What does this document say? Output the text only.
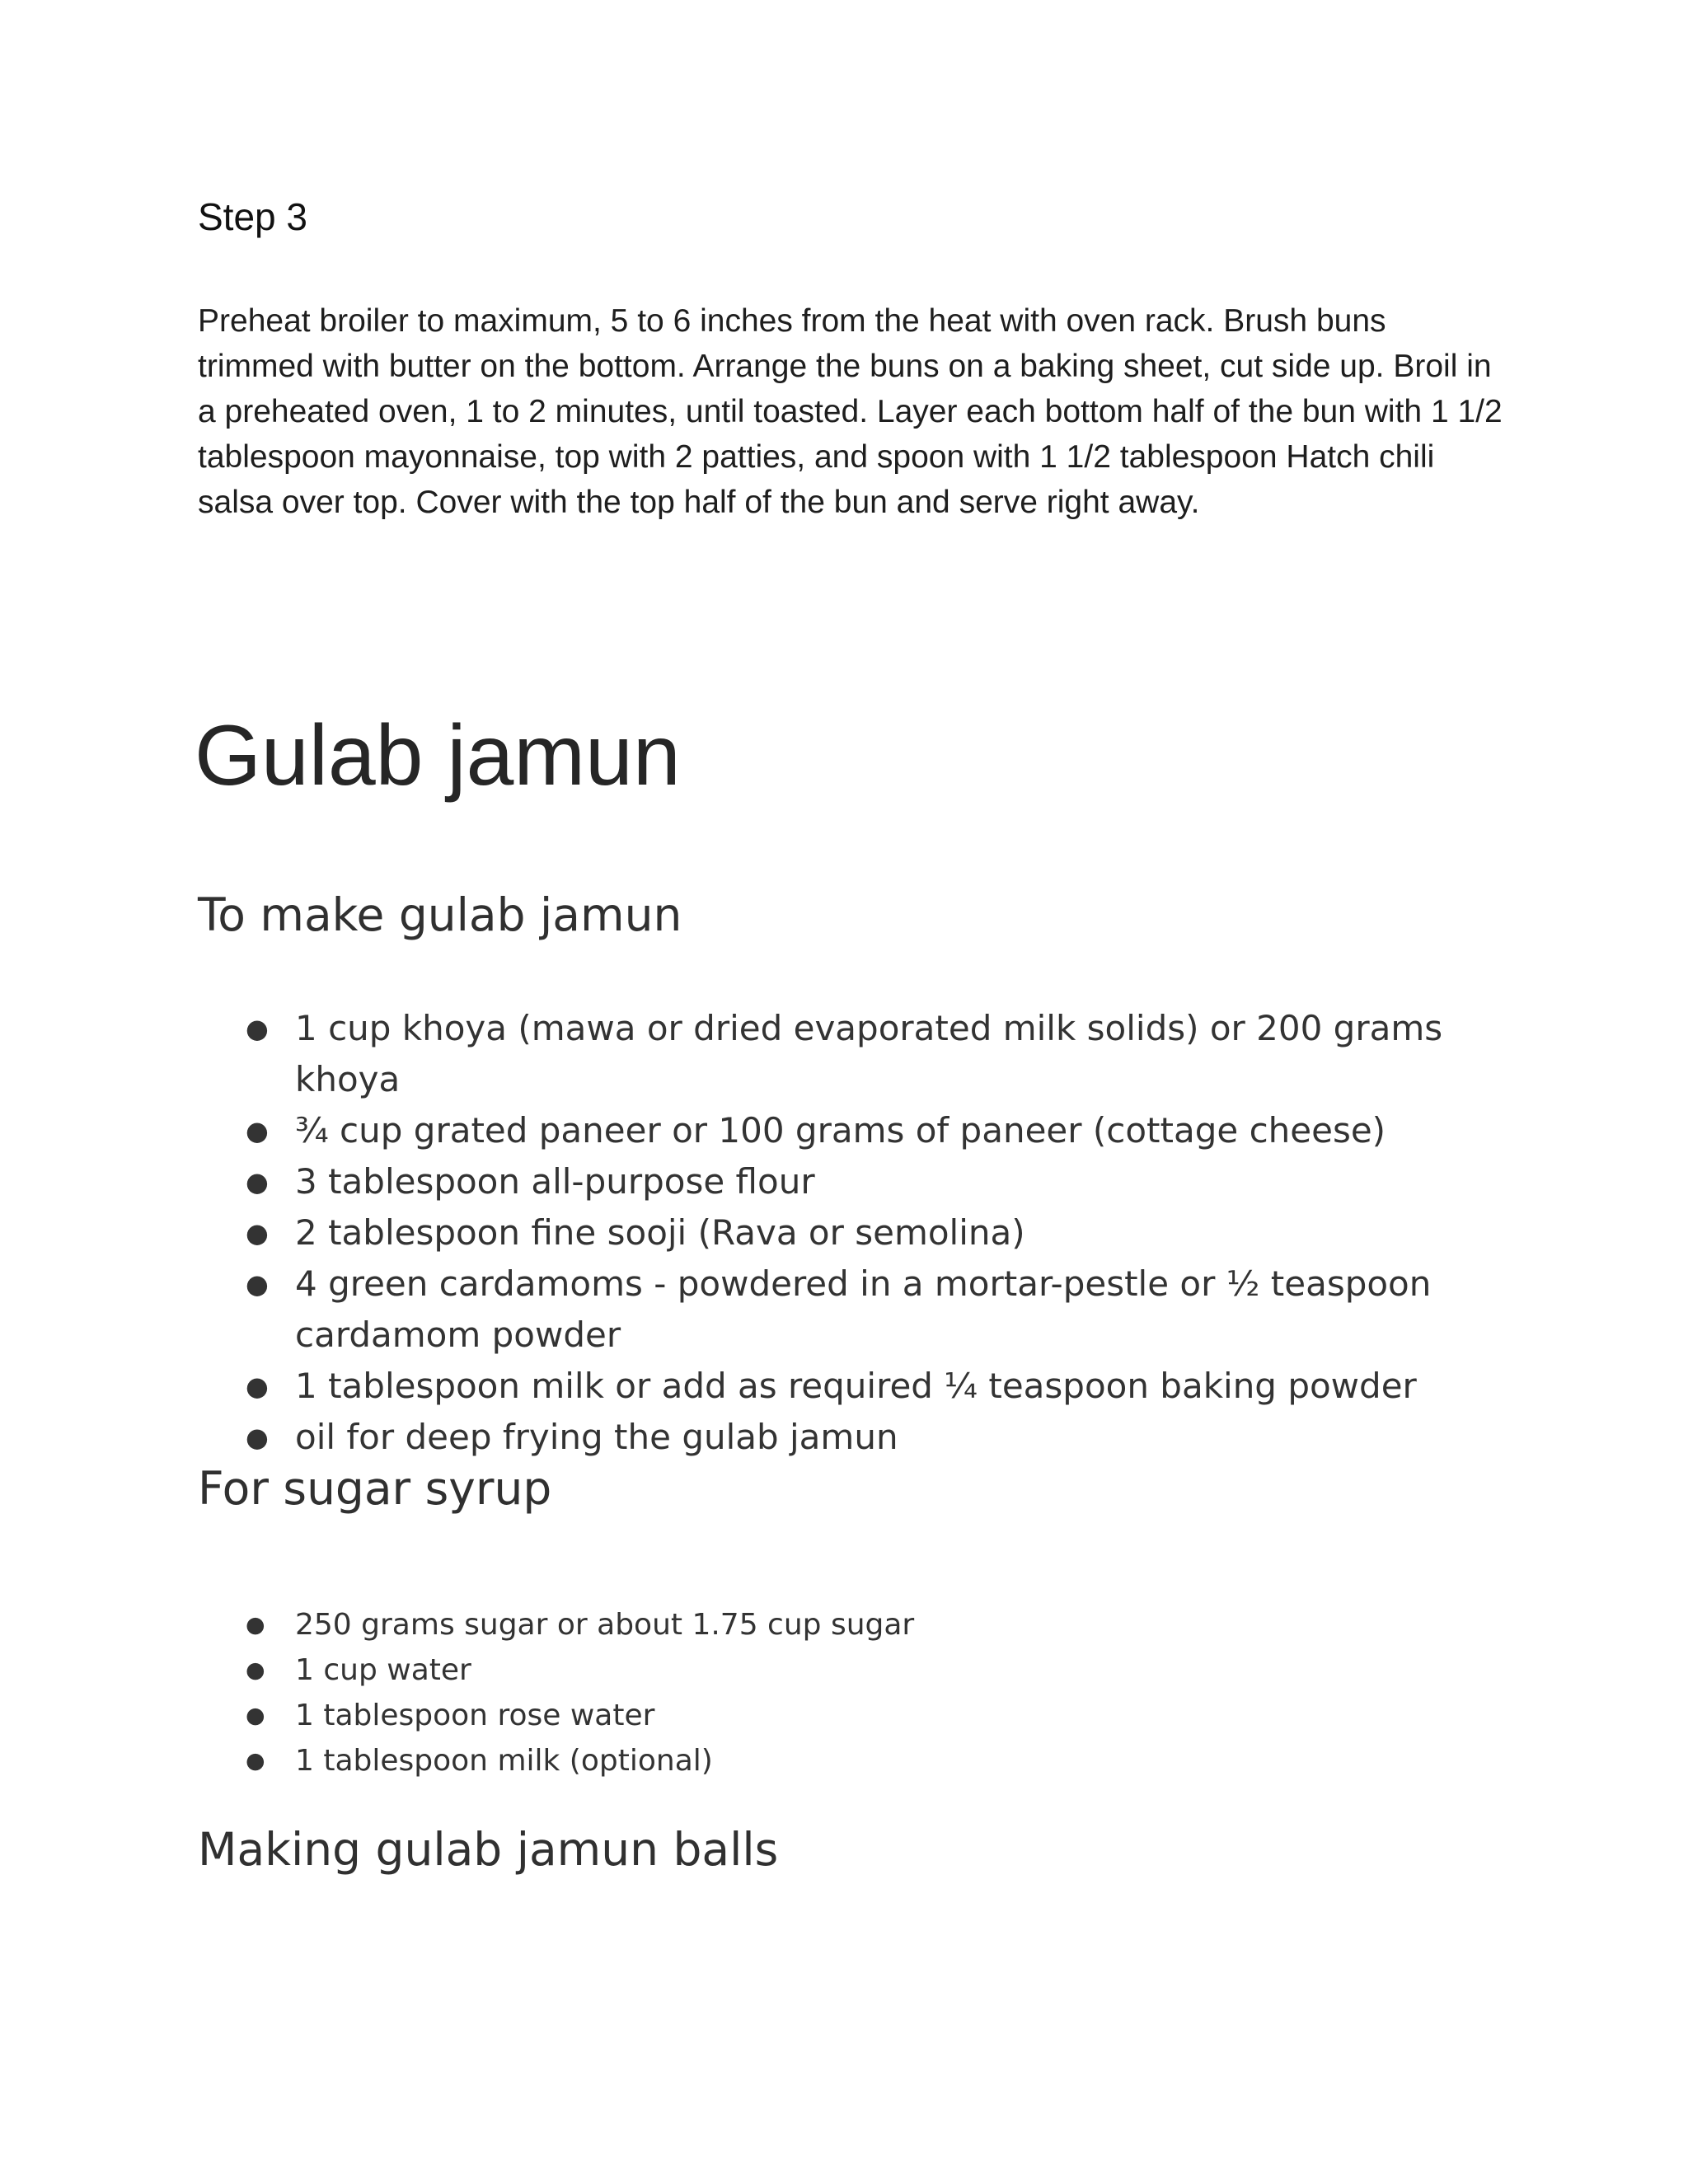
Step 3

Preheat broiler to maximum, 5 to 6 inches from the heat with oven rack. Brush buns trimmed with butter on the bottom. Arrange the buns on a baking sheet, cut side up. Broil in a preheated oven, 1 to 2 minutes, until toasted. Layer each bottom half of the bun with 1 1/2 tablespoon mayonnaise, top with 2 patties, and spoon with 1 1/2 tablespoon Hatch chili salsa over top. Cover with the top half of the bun and serve right away.

Gulab jamun
To make gulab jamun
● 1 cup khoya (mawa or dried evaporated milk solids) or 200 grams khoya
● ¾ cup grated paneer or 100 grams of paneer (cottage cheese)
● 3 tablespoon all-purpose flour
● 2 tablespoon fine sooji (Rava or semolina)
● 4 green cardamoms - powdered in a mortar-pestle or ½ teaspoon cardamom powder
● 1 tablespoon milk or add as required ¼ teaspoon baking powder
● oil for deep frying the gulab jamun
For sugar syrup
● 250 grams sugar or about 1.75 cup sugar
● 1 cup water
● 1 tablespoon rose water
● 1 tablespoon milk (optional)
Making gulab jamun balls
